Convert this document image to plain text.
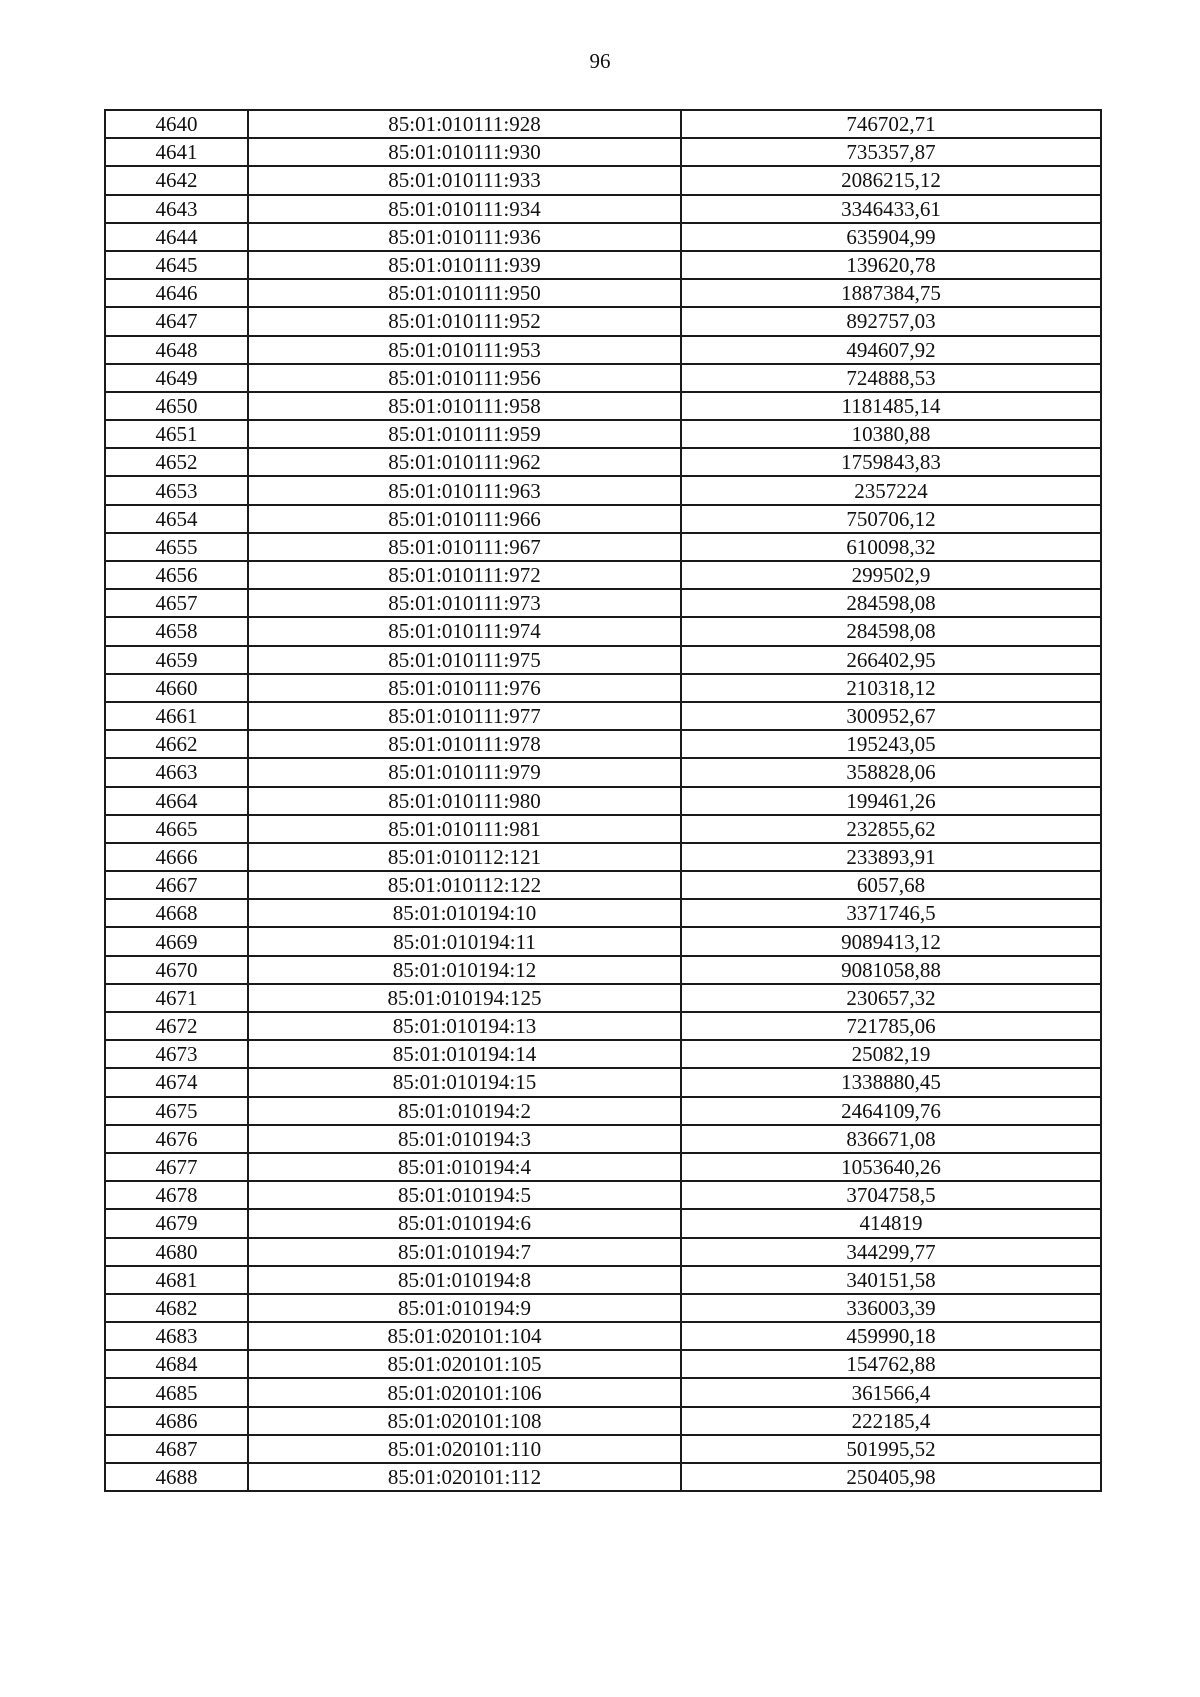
96
4640	85:01:010111:928	746702,71
4641	85:01:010111:930	735357,87
4642	85:01:010111:933	2086215,12
4643	85:01:010111:934	3346433,61
4644	85:01:010111:936	635904,99
4645	85:01:010111:939	139620,78
4646	85:01:010111:950	1887384,75
4647	85:01:010111:952	892757,03
4648	85:01:010111:953	494607,92
4649	85:01:010111:956	724888,53
4650	85:01:010111:958	1181485,14
4651	85:01:010111:959	10380,88
4652	85:01:010111:962	1759843,83
4653	85:01:010111:963	2357224
4654	85:01:010111:966	750706,12
4655	85:01:010111:967	610098,32
4656	85:01:010111:972	299502,9
4657	85:01:010111:973	284598,08
4658	85:01:010111:974	284598,08
4659	85:01:010111:975	266402,95
4660	85:01:010111:976	210318,12
4661	85:01:010111:977	300952,67
4662	85:01:010111:978	195243,05
4663	85:01:010111:979	358828,06
4664	85:01:010111:980	199461,26
4665	85:01:010111:981	232855,62
4666	85:01:010112:121	233893,91
4667	85:01:010112:122	6057,68
4668	85:01:010194:10	3371746,5
4669	85:01:010194:11	9089413,12
4670	85:01:010194:12	9081058,88
4671	85:01:010194:125	230657,32
4672	85:01:010194:13	721785,06
4673	85:01:010194:14	25082,19
4674	85:01:010194:15	1338880,45
4675	85:01:010194:2	2464109,76
4676	85:01:010194:3	836671,08
4677	85:01:010194:4	1053640,26
4678	85:01:010194:5	3704758,5
4679	85:01:010194:6	414819
4680	85:01:010194:7	344299,77
4681	85:01:010194:8	340151,58
4682	85:01:010194:9	336003,39
4683	85:01:020101:104	459990,18
4684	85:01:020101:105	154762,88
4685	85:01:020101:106	361566,4
4686	85:01:020101:108	222185,4
4687	85:01:020101:110	501995,52
4688	85:01:020101:112	250405,98
